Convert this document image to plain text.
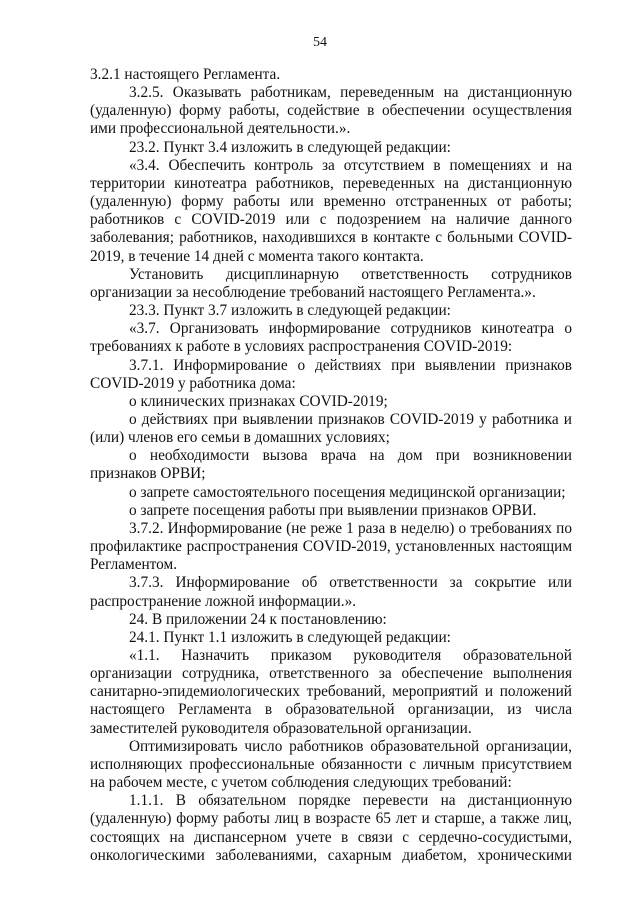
54

3.2.1 настоящего Регламента.

3.2.5. Оказывать работникам, переведенным на дистанционную (удаленную) форму работы, содействие в обеспечении осуществления ими профессиональной деятельности.».

23.2. Пункт 3.4 изложить в следующей редакции:

«3.4. Обеспечить контроль за отсутствием в помещениях и на территории кинотеатра работников, переведенных на дистанционную (удаленную) форму работы или временно отстраненных от работы; работников с COVID-2019 или с подозрением на наличие данного заболевания; работников, находившихся в контакте с больными COVID-2019, в течение 14 дней с момента такого контакта.

Установить дисциплинарную ответственность сотрудников организации за несоблюдение требований настоящего Регламента.».

23.3. Пункт 3.7 изложить в следующей редакции:

«3.7. Организовать информирование сотрудников кинотеатра о требованиях к работе в условиях распространения COVID-2019:

3.7.1. Информирование о действиях при выявлении признаков COVID-2019 у работника дома:

о клинических признаках COVID-2019;

о действиях при выявлении признаков COVID-2019 у работника и (или) членов его семьи в домашних условиях;

о необходимости вызова врача на дом при возникновении признаков ОРВИ;

о запрете самостоятельного посещения медицинской организации;

о запрете посещения работы при выявлении признаков ОРВИ.

3.7.2. Информирование (не реже 1 раза в неделю) о требованиях по профилактике распространения COVID-2019, установленных настоящим Регламентом.

3.7.3. Информирование об ответственности за сокрытие или распространение ложной информации.».

24. В приложении 24 к постановлению:

24.1. Пункт 1.1 изложить в следующей редакции:

«1.1. Назначить приказом руководителя образовательной организации сотрудника, ответственного за обеспечение выполнения санитарно-эпидемиологических требований, мероприятий и положений настоящего Регламента в образовательной организации, из числа заместителей руководителя образовательной организации.

Оптимизировать число работников образовательной организации, исполняющих профессиональные обязанности с личным присутствием на рабочем месте, с учетом соблюдения следующих требований:

1.1.1. В обязательном порядке перевести на дистанционную (удаленную) форму работы лиц в возрасте 65 лет и старше, а также лиц, состоящих на диспансерном учете в связи с сердечно-сосудистыми, онкологическими заболеваниями, сахарным диабетом, хроническими
